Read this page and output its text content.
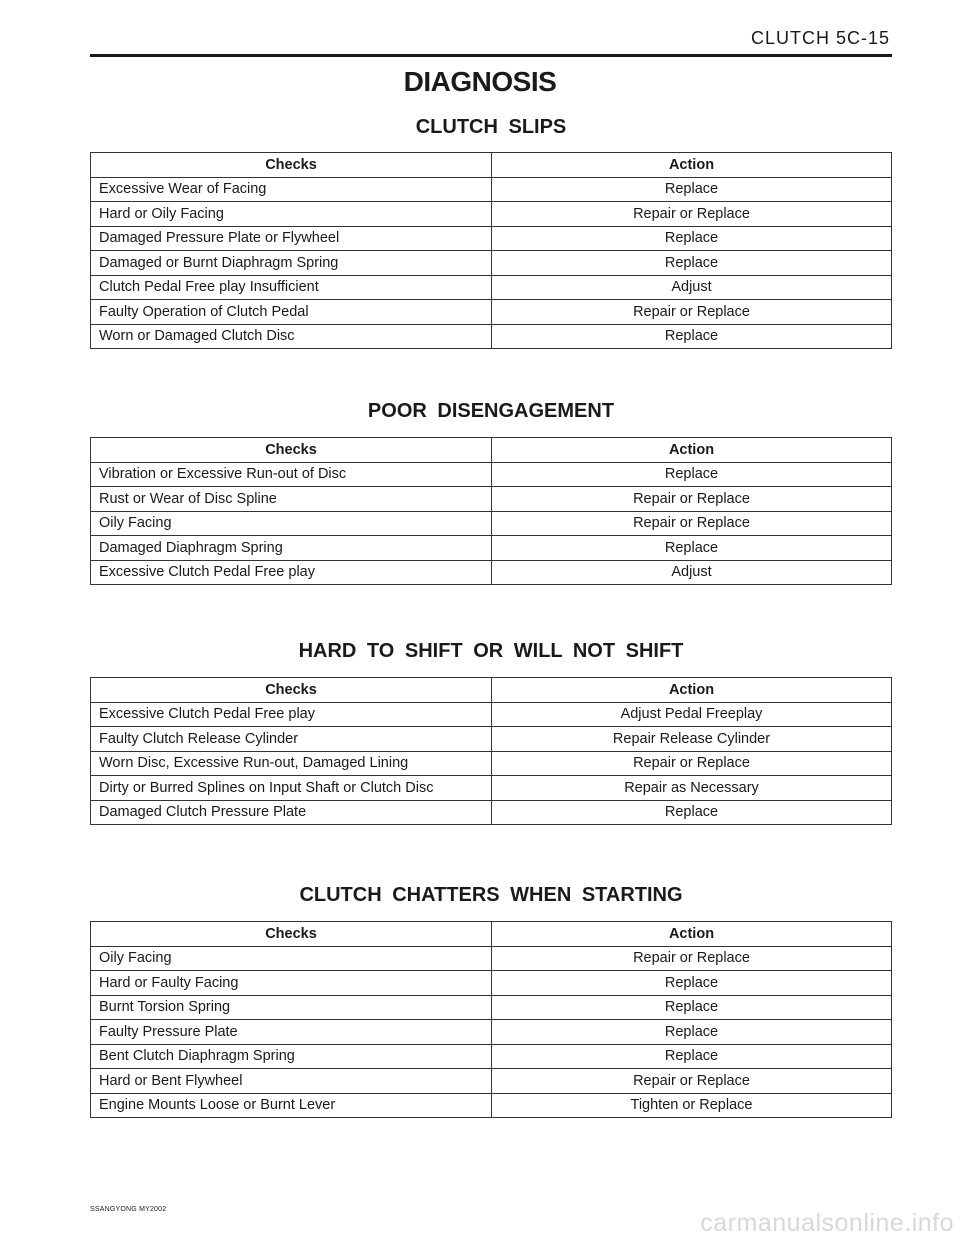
CLUTCH 5C-15
DIAGNOSIS
CLUTCH SLIPS
Checks	Action
Excessive Wear of Facing	Replace
Hard or Oily Facing	Repair or Replace
Damaged Pressure Plate or Flywheel	Replace
Damaged or Burnt Diaphragm Spring	Replace
Clutch Pedal Free play Insufficient	Adjust
Faulty Operation of Clutch Pedal	Repair or Replace
Worn or Damaged Clutch Disc	Replace
POOR DISENGAGEMENT
Checks	Action
Vibration or Excessive Run-out of Disc	Replace
Rust or Wear of Disc Spline	Repair or Replace
Oily Facing	Repair or Replace
Damaged Diaphragm Spring	Replace
Excessive Clutch Pedal Free play	Adjust
HARD TO SHIFT OR WILL NOT SHIFT
Checks	Action
Excessive Clutch Pedal Free play	Adjust Pedal Freeplay
Faulty Clutch Release Cylinder	Repair Release Cylinder
Worn Disc, Excessive Run-out, Damaged Lining	Repair or Replace
Dirty or Burred Splines on Input Shaft or Clutch Disc	Repair as Necessary
Damaged Clutch Pressure Plate	Replace
CLUTCH CHATTERS WHEN STARTING
Checks	Action
Oily Facing	Repair or Replace
Hard or Faulty Facing	Replace
Burnt Torsion Spring	Replace
Faulty Pressure Plate	Replace
Bent Clutch Diaphragm Spring	Replace
Hard or Bent Flywheel	Repair or Replace
Engine Mounts Loose or Burnt Lever	Tighten or Replace
SSANGYONG MY2002	carmanualsonline.info
